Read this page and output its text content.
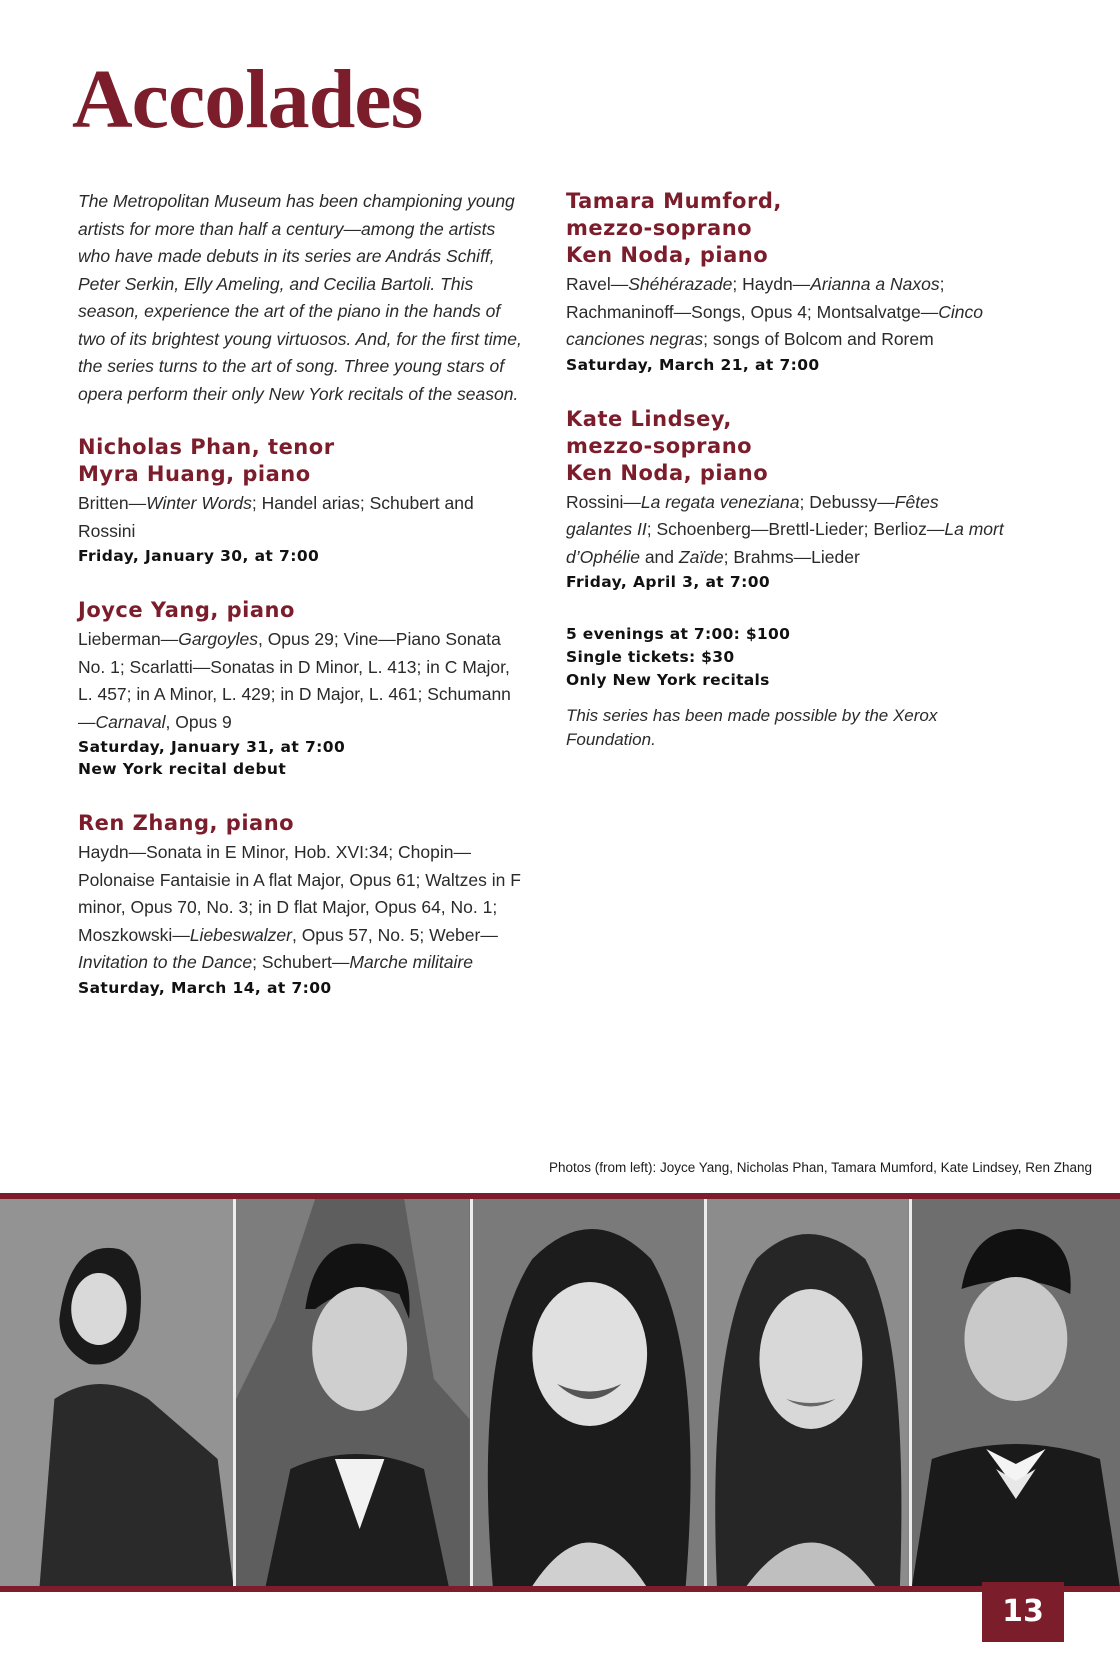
Accolades

The Metropolitan Museum has been championing young artists for more than half a century—among the artists who have made debuts in its series are András Schiff, Peter Serkin, Elly Ameling, and Cecilia Bartoli. This season, experience the art of the piano in the hands of two of its brightest young virtuosos. And, for the first time, the series turns to the art of song. Three young stars of opera perform their only New York recitals of the season.

Nicholas Phan, tenor
Myra Huang, piano
Britten—Winter Words; Handel arias; Schubert and Rossini
Friday, January 30, at 7:00
Joyce Yang, piano
Lieberman—Gargoyles, Opus 29; Vine—Piano Sonata No. 1; Scarlatti—Sonatas in D Minor, L. 413; in C Major, L. 457; in A Minor, L. 429; in D Major, L. 461; Schumann—Carnaval, Opus 9
Saturday, January 31, at 7:00
New York recital debut
Ren Zhang, piano
Haydn—Sonata in E Minor, Hob. XVI:34; Chopin—Polonaise Fantaisie in A flat Major, Opus 61; Waltzes in F minor, Opus 70, No. 3; in D flat Major, Opus 64, No. 1; Moszkowski—Liebeswalzer, Opus 57, No. 5; Weber—Invitation to the Dance; Schubert—Marche militaire
Saturday, March 14, at 7:00
Tamara Mumford,
mezzo-soprano
Ken Noda, piano
Ravel—Shéhérazade; Haydn—Arianna a Naxos; Rachmaninoff—Songs, Opus 4; Montsalvatge—Cinco canciones negras; songs of Bolcom and Rorem
Saturday, March 21, at 7:00
Kate Lindsey,
mezzo-soprano
Ken Noda, piano
Rossini—La regata veneziana; Debussy—Fêtes galantes II; Schoenberg—Brettl-Lieder; Berlioz—La mort d’Ophélie and Zaïde; Brahms—Lieder
Friday, April 3, at 7:00
5 evenings at 7:00: $100
Single tickets: $30
Only New York recitals
This series has been made possible by the Xerox Foundation.
Photos (from left): Joyce Yang, Nicholas Phan, Tamara Mumford, Kate Lindsey, Ren Zhang
13
